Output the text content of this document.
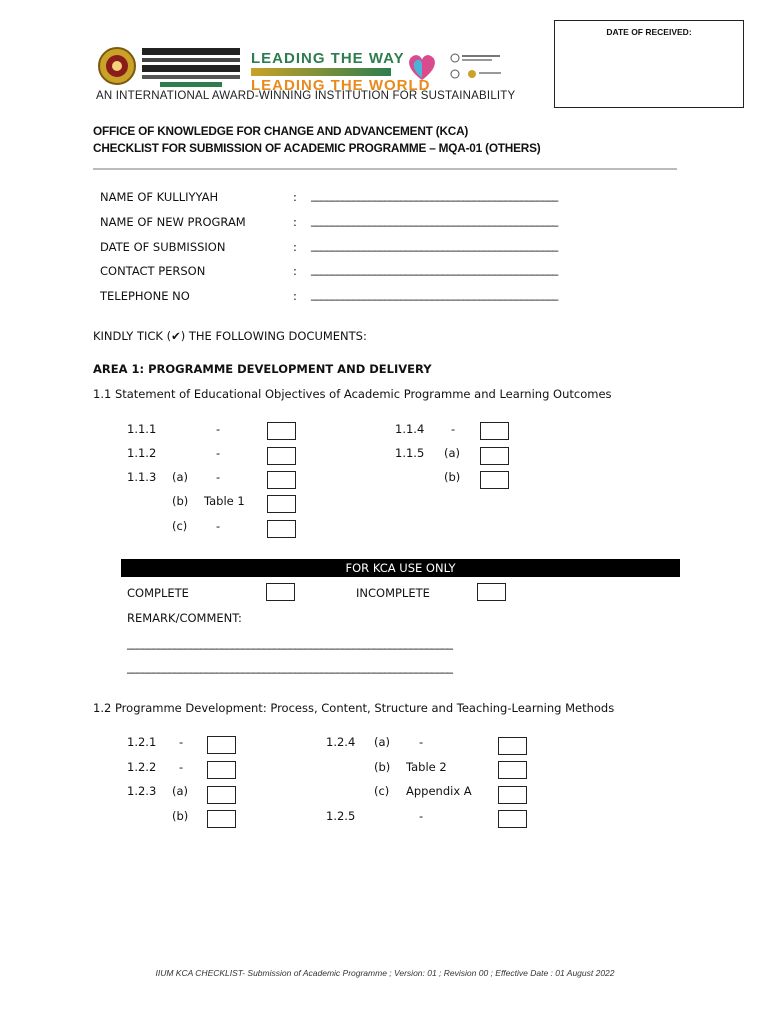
DATE OF RECEIVED:
LEADING THE WAY
LEADING THE WORLD
AN INTERNATIONAL AWARD-WINNING INSTITUTION FOR SUSTAINABILITY
OFFICE OF KNOWLEDGE FOR CHANGE AND ADVANCEMENT (KCA)
CHECKLIST FOR SUBMISSION OF ACADEMIC PROGRAMME – MQA-01 (OTHERS)
NAME OF KULLIYYAH	: _______________________________________________
NAME OF NEW PROGRAM	: _______________________________________________
DATE OF SUBMISSION	: _______________________________________________
CONTACT PERSON	: _______________________________________________
TELEPHONE NO	: _______________________________________________
KINDLY TICK (✔) THE FOLLOWING DOCUMENTS:
AREA 1: PROGRAMME DEVELOPMENT AND DELIVERY
1.1 Statement of Educational Objectives of Academic Programme and Learning Outcomes
1.1.1	-
1.1.2	-
1.1.3 (a) -
(b) Table 1
(c) -
1.1.4 -
1.1.5 (a)
(b)
FOR KCA USE ONLY
COMPLETE	INCOMPLETE
REMARK/COMMENT:
______________________________________________________________
______________________________________________________________
1.2 Programme Development: Process, Content, Structure and Teaching-Learning Methods
1.2.1 -
1.2.2 -
1.2.3 (a)
(b)
1.2.4 (a)	-
(b) Table 2
(c) Appendix A
1.2.5	-
IIUM KCA CHECKLIST- Submission of Academic Programme ; Version: 01 ; Revision 00 ; Effective Date : 01 August 2022
